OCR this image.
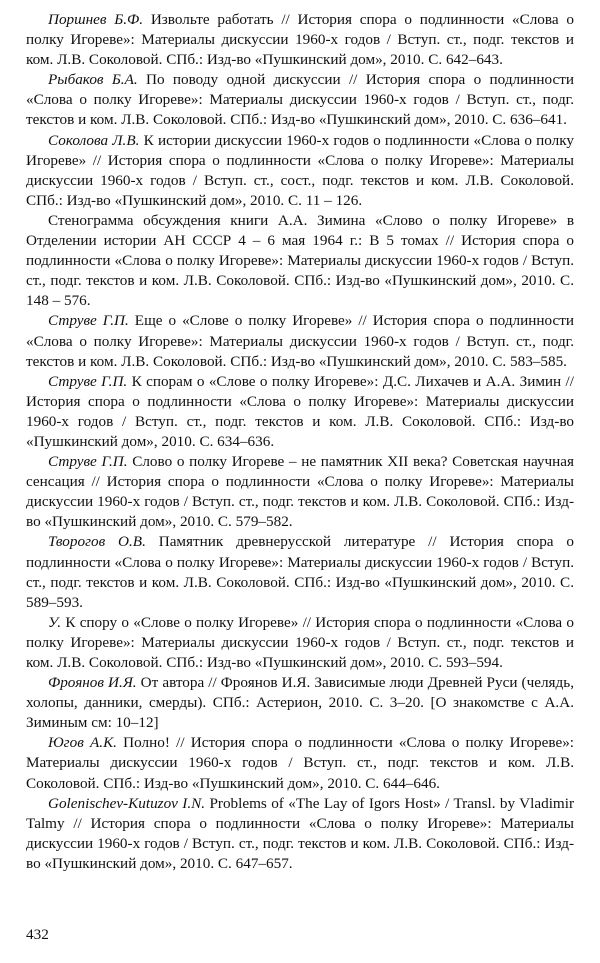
Поршнев Б.Ф. Извольте работать // История спора о подлинности «Слова о полку Игореве»: Материалы дискуссии 1960-х годов / Вступ. ст., подг. текстов и ком. Л.В. Соколовой. СПб.: Изд-во «Пушкинский дом», 2010. С. 642–643.

Рыбаков Б.А. По поводу одной дискуссии // История спора о подлинности «Слова о полку Игореве»: Материалы дискуссии 1960-х годов / Вступ. ст., подг. текстов и ком. Л.В. Соколовой. СПб.: Изд-во «Пушкинский дом», 2010. С. 636–641.

Соколова Л.В. К истории дискуссии 1960-х годов о подлинности «Слова о полку Игореве» // История спора о подлинности «Слова о полку Игореве»: Материалы дискуссии 1960-х годов / Вступ. ст., сост., подг. текстов и ком. Л.В. Соколовой. СПб.: Изд-во «Пушкинский дом», 2010. С. 11 – 126.

Стенограмма обсуждения книги А.А. Зимина «Слово о полку Игореве» в Отделении истории АН СССР 4 – 6 мая 1964 г.: В 5 томах // История спора о подлинности «Слова о полку Игореве»: Материалы дискуссии 1960-х годов / Вступ. ст., подг. текстов и ком. Л.В. Соколовой. СПб.: Изд-во «Пушкинский дом», 2010. С. 148 – 576.

Струве Г.П. Еще о «Слове о полку Игореве» // История спора о подлинности «Слова о полку Игореве»: Материалы дискуссии 1960-х годов / Вступ. ст., подг. текстов и ком. Л.В. Соколовой. СПб.: Изд-во «Пушкинский дом», 2010. С. 583–585.

Струве Г.П. К спорам о «Слове о полку Игореве»: Д.С. Лихачев и А.А. Зимин // История спора о подлинности «Слова о полку Игореве»: Материалы дискуссии 1960-х годов / Вступ. ст., подг. текстов и ком. Л.В. Соколовой. СПб.: Изд-во «Пушкинский дом», 2010. С. 634–636.

Струве Г.П. Слово о полку Игореве – не памятник XII века? Советская научная сенсация // История спора о подлинности «Слова о полку Игореве»: Материалы дискуссии 1960-х годов / Вступ. ст., подг. текстов и ком. Л.В. Соколовой. СПб.: Изд-во «Пушкинский дом», 2010. С. 579–582.

Творогов О.В. Памятник древнерусской литературе // История спора о подлинности «Слова о полку Игореве»: Материалы дискуссии 1960-х годов / Вступ. ст., подг. текстов и ком. Л.В. Соколовой. СПб.: Изд-во «Пушкинский дом», 2010. С. 589–593.

У. К спору о «Слове о полку Игореве» // История спора о подлинности «Слова о полку Игореве»: Материалы дискуссии 1960-х годов / Вступ. ст., подг. текстов и ком. Л.В. Соколовой. СПб.: Изд-во «Пушкинский дом», 2010. С. 593–594.

Фроянов И.Я. От автора // Фроянов И.Я. Зависимые люди Древней Руси (челядь, холопы, данники, смерды). СПб.: Астерион, 2010. С. 3–20. [О знакомстве с А.А. Зиминым см: 10–12]

Югов А.К. Полно! // История спора о подлинности «Слова о полку Игореве»: Материалы дискуссии 1960-х годов / Вступ. ст., подг. текстов и ком. Л.В. Соколовой. СПб.: Изд-во «Пушкинский дом», 2010. С. 644–646.

Golenischev-Kutuzov I.N. Problems of «The Lay of Igors Host» / Transl. by Vladimir Talmy // История спора о подлинности «Слова о полку Игореве»: Материалы дискуссии 1960-х годов / Вступ. ст., подг. текстов и ком. Л.В. Соколовой. СПб.: Изд-во «Пушкинский дом», 2010. С. 647–657.

432
